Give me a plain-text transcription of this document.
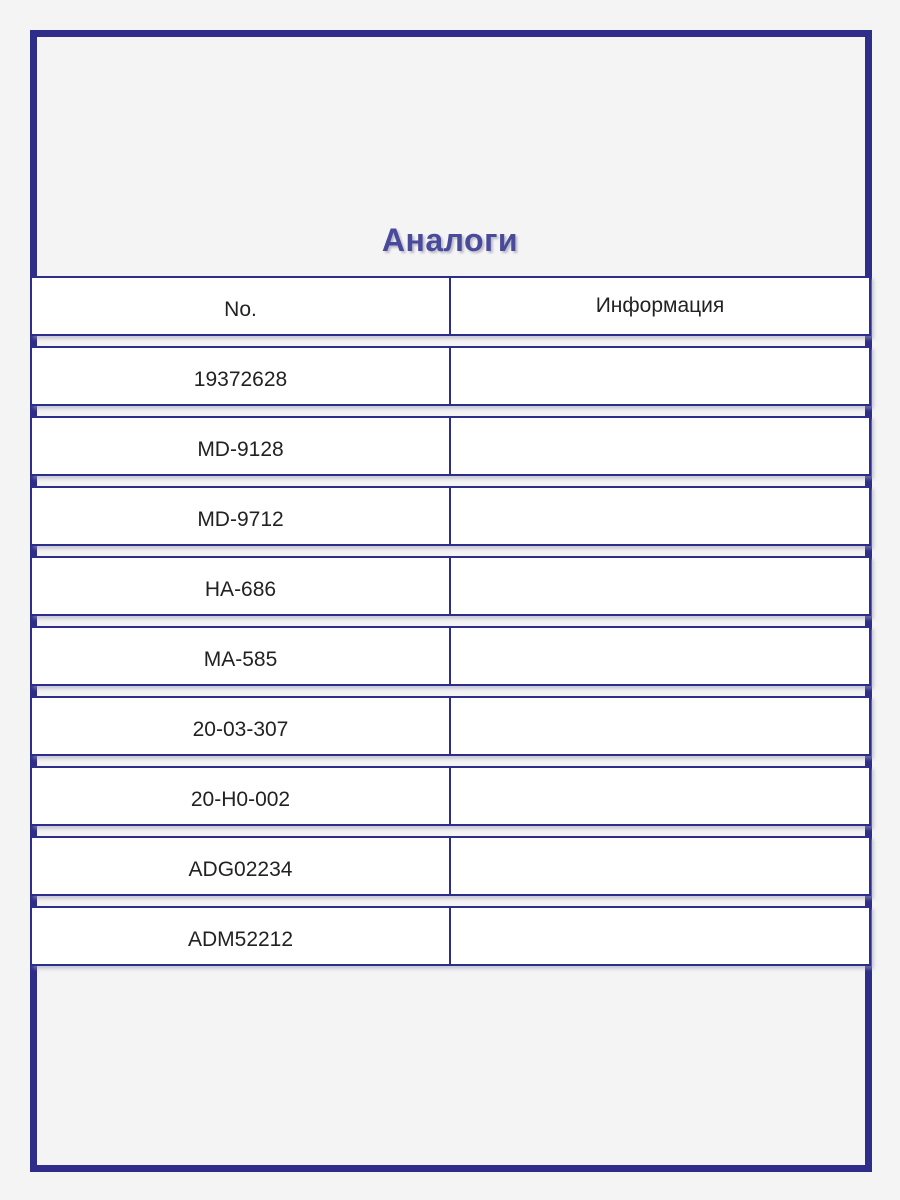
Аналоги
No.	Информация
19372628
MD-9128
MD-9712
HA-686
MA-585
20-03-307
20-H0-002
ADG02234
ADM52212
